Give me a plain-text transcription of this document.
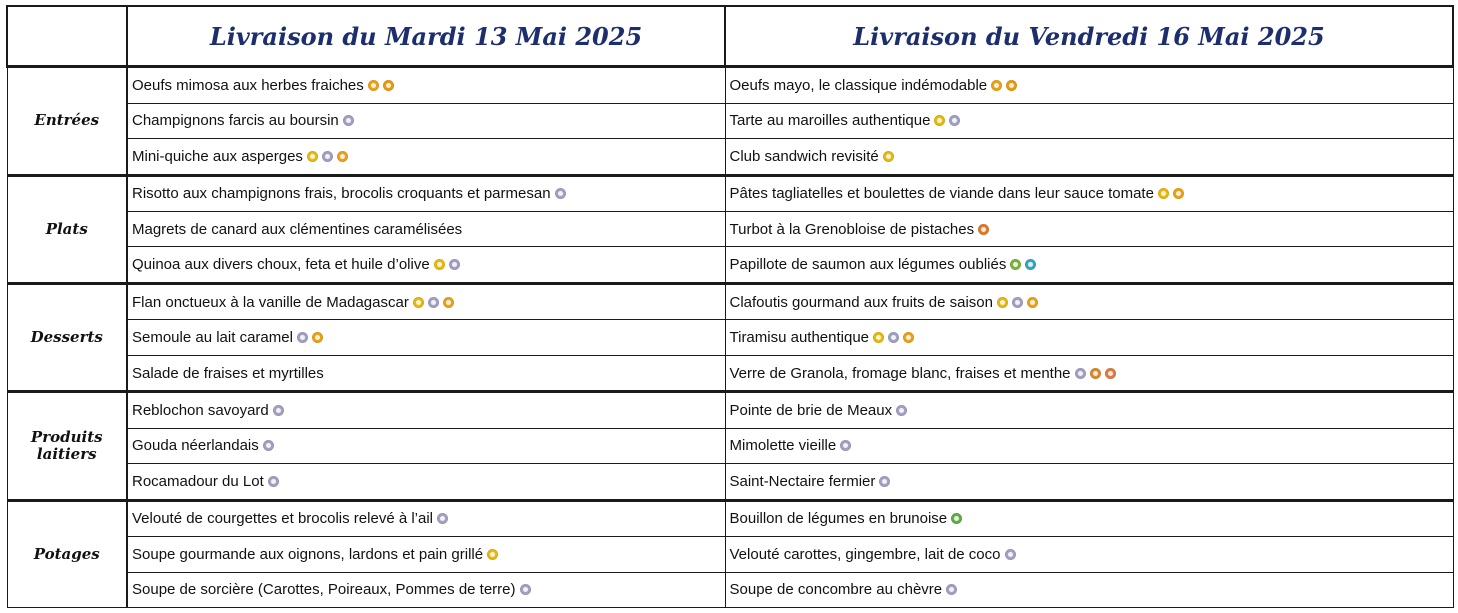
	Livraison du Mardi 13 Mai 2025	Livraison du Vendredi 16 Mai 2025

Entrées	Oeufs mimosa aux herbes fraiches	Oeufs mayo, le classique indémodable
	Champignons farcis au boursin	Tarte au maroilles authentique
	Mini-quiche aux asperges	Club sandwich revisité

Plats	Risotto aux champignons frais, brocolis croquants et parmesan	Pâtes tagliatelles et boulettes de viande dans leur sauce tomate
	Magrets de canard aux clémentines caramélisées	Turbot à la Grenobloise de pistaches
	Quinoa aux divers choux, feta et huile d’olive	Papillote de saumon aux légumes oubliés

Desserts	Flan onctueux à la vanille de Madagascar	Clafoutis gourmand aux fruits de saison
	Semoule au lait caramel	Tiramisu authentique
	Salade de fraises et myrtilles	Verre de Granola, fromage blanc, fraises et menthe

Produits
laitiers	Reblochon savoyard	Pointe de brie de Meaux
	Gouda néerlandais	Mimolette vieille
	Rocamadour du Lot	Saint-Nectaire fermier

Potages	Velouté de courgettes et brocolis relevé à l’ail	Bouillon de légumes en brunoise
	Soupe gourmande aux oignons, lardons et pain grillé	Velouté carottes, gingembre, lait de coco
	Soupe de sorcière (Carottes, Poireaux, Pommes de terre)	Soupe de concombre au chèvre
